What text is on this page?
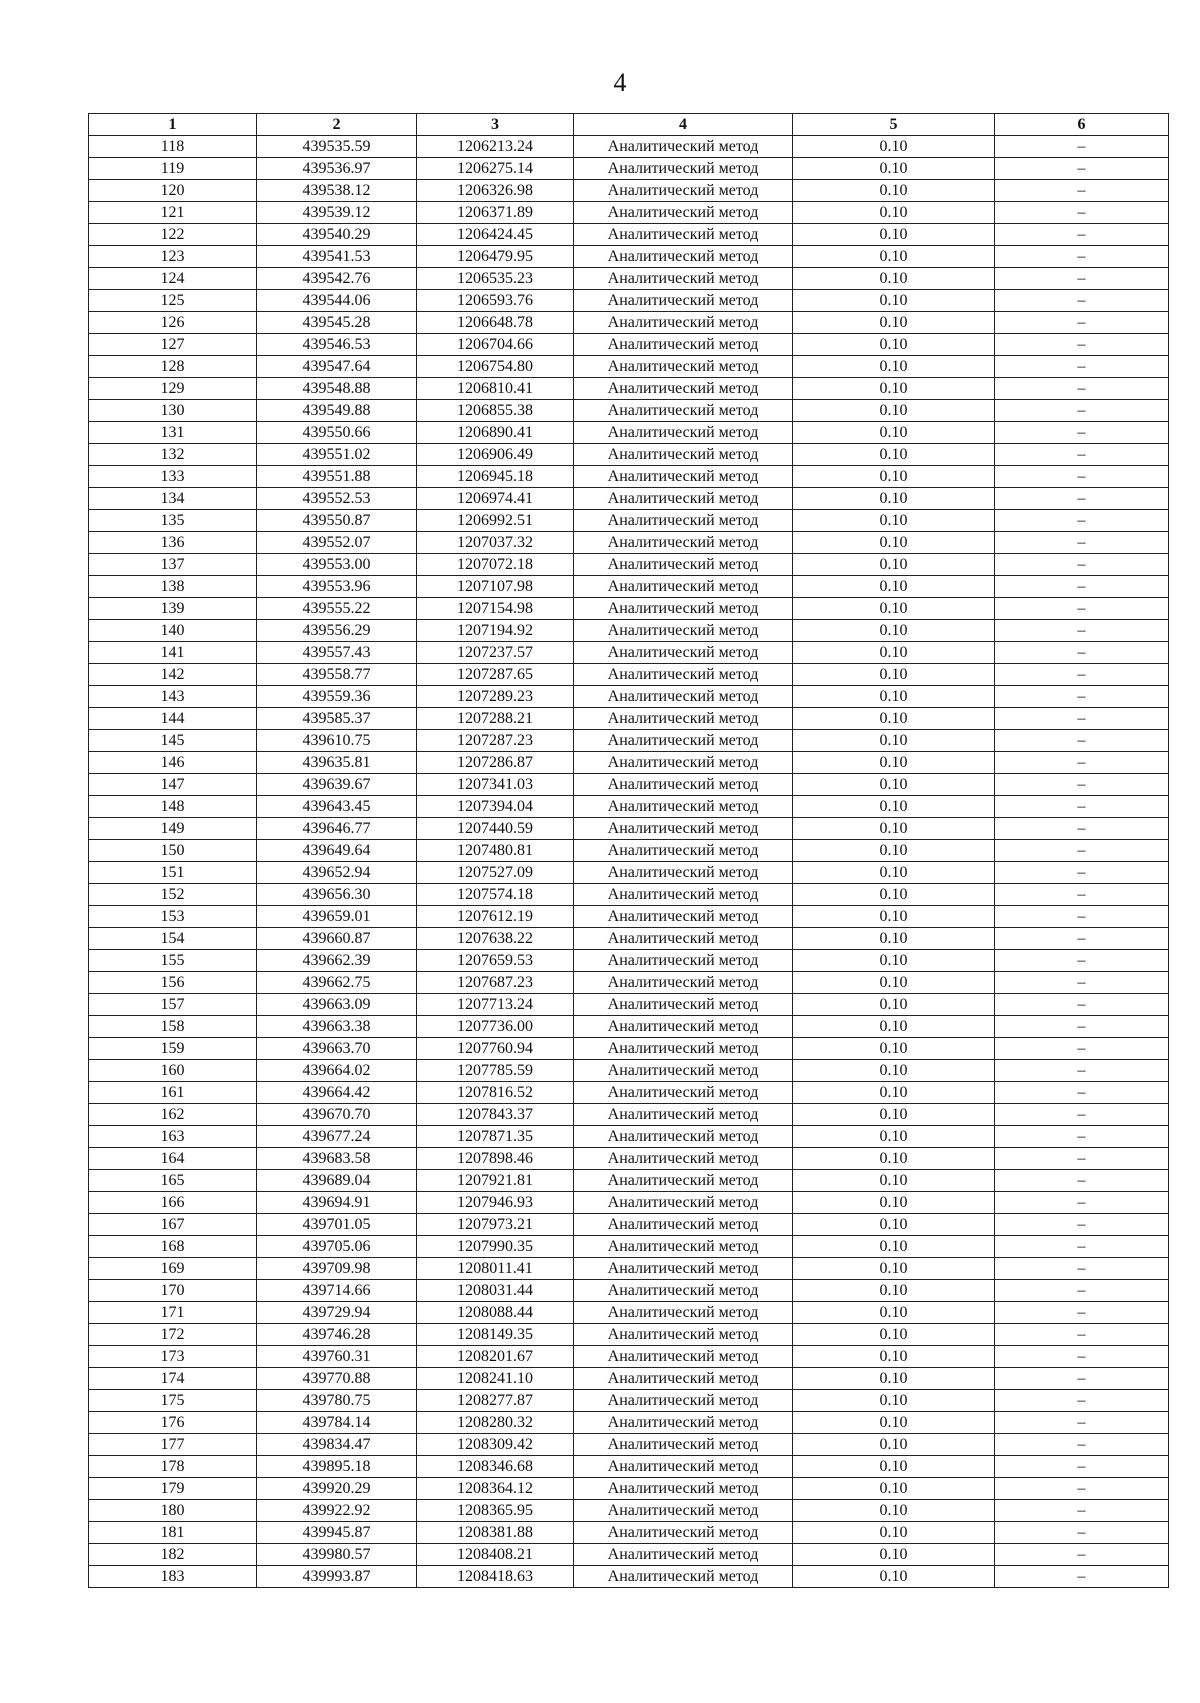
4
1	2	3	4	5	6
118	439535.59	1206213.24	Аналитический метод	0.10	–
119	439536.97	1206275.14	Аналитический метод	0.10	–
120	439538.12	1206326.98	Аналитический метод	0.10	–
121	439539.12	1206371.89	Аналитический метод	0.10	–
122	439540.29	1206424.45	Аналитический метод	0.10	–
123	439541.53	1206479.95	Аналитический метод	0.10	–
124	439542.76	1206535.23	Аналитический метод	0.10	–
125	439544.06	1206593.76	Аналитический метод	0.10	–
126	439545.28	1206648.78	Аналитический метод	0.10	–
127	439546.53	1206704.66	Аналитический метод	0.10	–
128	439547.64	1206754.80	Аналитический метод	0.10	–
129	439548.88	1206810.41	Аналитический метод	0.10	–
130	439549.88	1206855.38	Аналитический метод	0.10	–
131	439550.66	1206890.41	Аналитический метод	0.10	–
132	439551.02	1206906.49	Аналитический метод	0.10	–
133	439551.88	1206945.18	Аналитический метод	0.10	–
134	439552.53	1206974.41	Аналитический метод	0.10	–
135	439550.87	1206992.51	Аналитический метод	0.10	–
136	439552.07	1207037.32	Аналитический метод	0.10	–
137	439553.00	1207072.18	Аналитический метод	0.10	–
138	439553.96	1207107.98	Аналитический метод	0.10	–
139	439555.22	1207154.98	Аналитический метод	0.10	–
140	439556.29	1207194.92	Аналитический метод	0.10	–
141	439557.43	1207237.57	Аналитический метод	0.10	–
142	439558.77	1207287.65	Аналитический метод	0.10	–
143	439559.36	1207289.23	Аналитический метод	0.10	–
144	439585.37	1207288.21	Аналитический метод	0.10	–
145	439610.75	1207287.23	Аналитический метод	0.10	–
146	439635.81	1207286.87	Аналитический метод	0.10	–
147	439639.67	1207341.03	Аналитический метод	0.10	–
148	439643.45	1207394.04	Аналитический метод	0.10	–
149	439646.77	1207440.59	Аналитический метод	0.10	–
150	439649.64	1207480.81	Аналитический метод	0.10	–
151	439652.94	1207527.09	Аналитический метод	0.10	–
152	439656.30	1207574.18	Аналитический метод	0.10	–
153	439659.01	1207612.19	Аналитический метод	0.10	–
154	439660.87	1207638.22	Аналитический метод	0.10	–
155	439662.39	1207659.53	Аналитический метод	0.10	–
156	439662.75	1207687.23	Аналитический метод	0.10	–
157	439663.09	1207713.24	Аналитический метод	0.10	–
158	439663.38	1207736.00	Аналитический метод	0.10	–
159	439663.70	1207760.94	Аналитический метод	0.10	–
160	439664.02	1207785.59	Аналитический метод	0.10	–
161	439664.42	1207816.52	Аналитический метод	0.10	–
162	439670.70	1207843.37	Аналитический метод	0.10	–
163	439677.24	1207871.35	Аналитический метод	0.10	–
164	439683.58	1207898.46	Аналитический метод	0.10	–
165	439689.04	1207921.81	Аналитический метод	0.10	–
166	439694.91	1207946.93	Аналитический метод	0.10	–
167	439701.05	1207973.21	Аналитический метод	0.10	–
168	439705.06	1207990.35	Аналитический метод	0.10	–
169	439709.98	1208011.41	Аналитический метод	0.10	–
170	439714.66	1208031.44	Аналитический метод	0.10	–
171	439729.94	1208088.44	Аналитический метод	0.10	–
172	439746.28	1208149.35	Аналитический метод	0.10	–
173	439760.31	1208201.67	Аналитический метод	0.10	–
174	439770.88	1208241.10	Аналитический метод	0.10	–
175	439780.75	1208277.87	Аналитический метод	0.10	–
176	439784.14	1208280.32	Аналитический метод	0.10	–
177	439834.47	1208309.42	Аналитический метод	0.10	–
178	439895.18	1208346.68	Аналитический метод	0.10	–
179	439920.29	1208364.12	Аналитический метод	0.10	–
180	439922.92	1208365.95	Аналитический метод	0.10	–
181	439945.87	1208381.88	Аналитический метод	0.10	–
182	439980.57	1208408.21	Аналитический метод	0.10	–
183	439993.87	1208418.63	Аналитический метод	0.10	–
